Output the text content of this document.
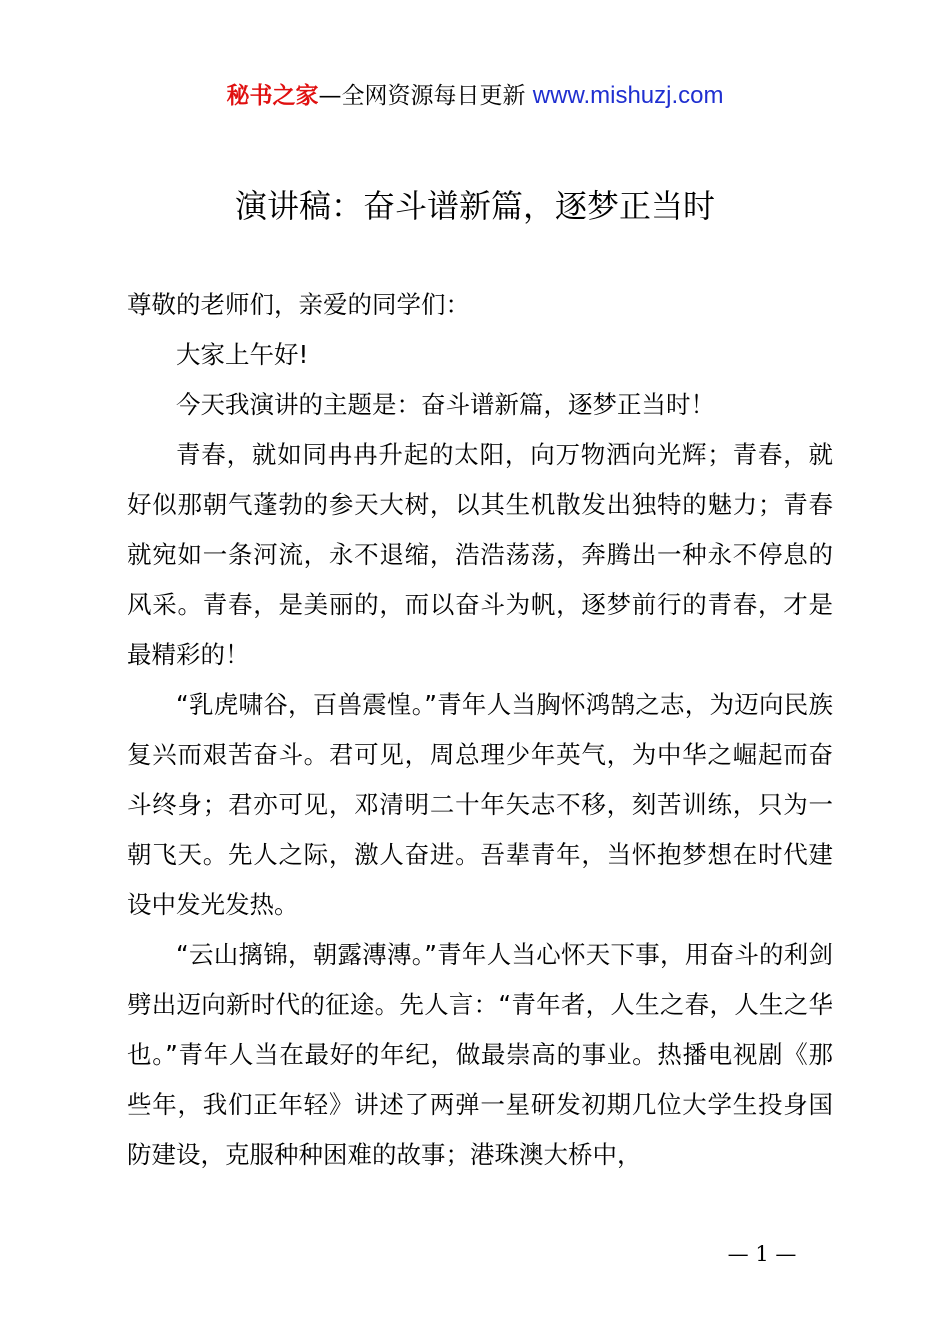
秘书之家—全网资源每日更新 www.mishuzj.com
演讲稿：奋斗谱新篇，逐梦正当时

尊敬的老师们，亲爱的同学们：

大家上午好!

今天我演讲的主题是：奋斗谱新篇，逐梦正当时！

青春，就如同冉冉升起的太阳，向万物洒向光辉；青春，就好似那朝气蓬勃的参天大树，以其生机散发出独特的魅力；青春就宛如一条河流，永不退缩，浩浩荡荡，奔腾出一种永不停息的风采。青春，是美丽的，而以奋斗为帆，逐梦前行的青春，才是最精彩的！

“乳虎啸谷，百兽震惶。”青年人当胸怀鸿鹄之志，为迈向民族复兴而艰苦奋斗。君可见，周总理少年英气，为中华之崛起而奋斗终身；君亦可见，邓清明二十年矢志不移，刻苦训练，只为一朝飞天。先人之际，激人奋进。吾辈青年，当怀抱梦想在时代建设中发光发热。

“云山摛锦，朝露漙漙。”青年人当心怀天下事，用奋斗的利剑劈出迈向新时代的征途。先人言：“青年者，人生之春，人生之华也。”青年人当在最好的年纪，做最崇高的事业。热播电视剧《那些年，我们正年轻》讲述了两弹一星研发初期几位大学生投身国防建设，克服种种困难的故事；港珠澳大桥中，

— 1 —
